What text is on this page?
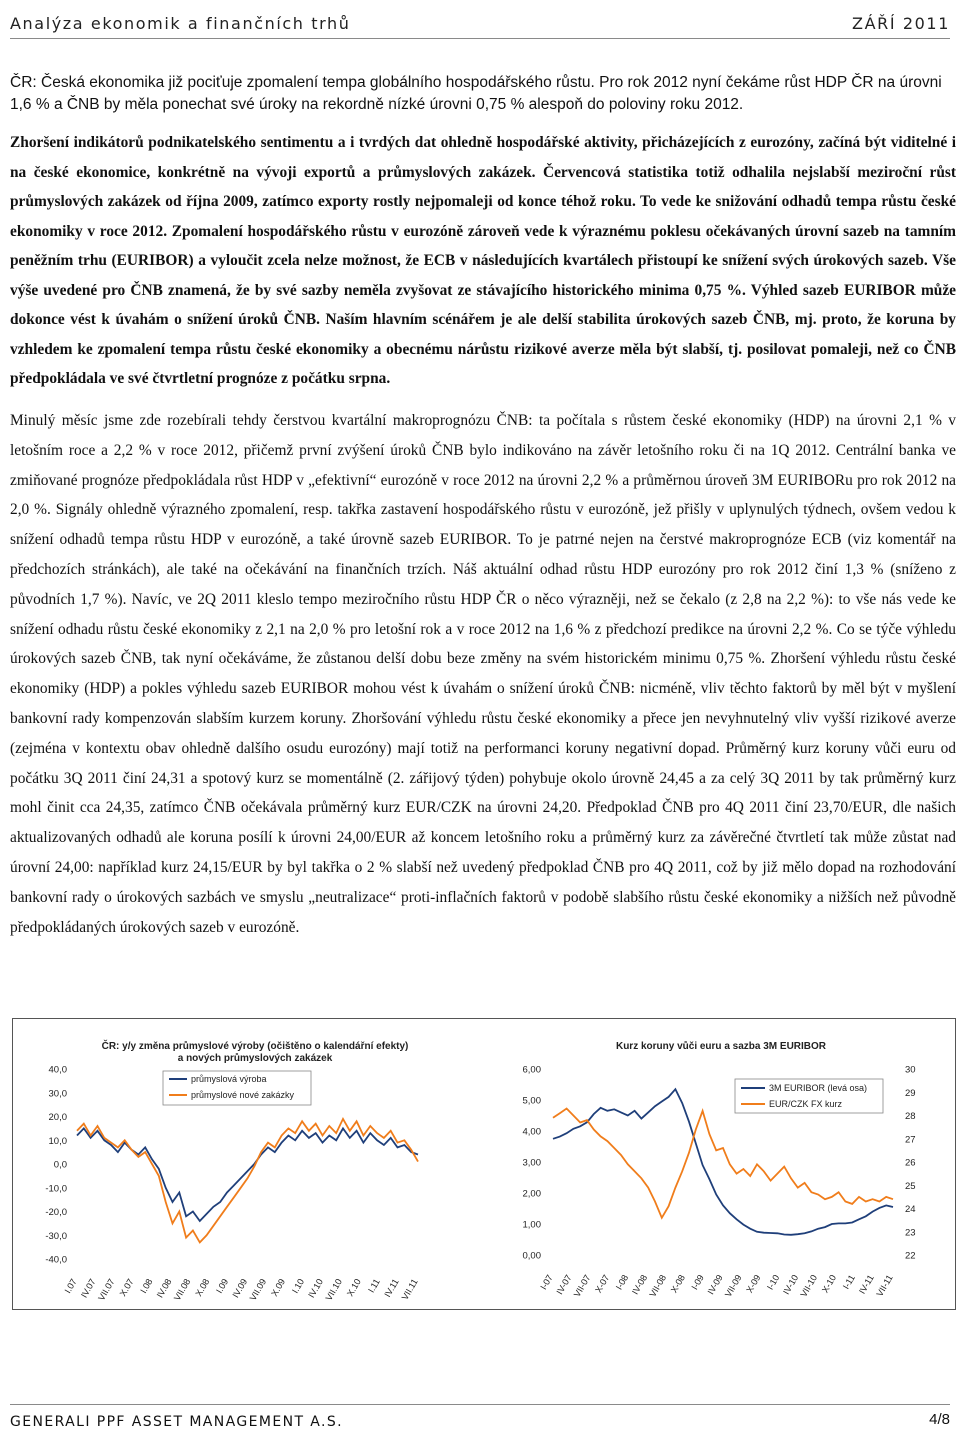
Analýza ekonomik a finančních trhů	ZÁŘÍ 2011
ČR: Česká ekonomika již pociťuje zpomalení tempa globálního hospodářského růstu. Pro rok 2012 nyní čekáme růst HDP ČR na úrovni 1,6 % a ČNB by měla ponechat své úroky na rekordně nízké úrovni 0,75 % alespoň do poloviny roku 2012.
Zhoršení indikátorů podnikatelského sentimentu a i tvrdých dat ohledně hospodářské aktivity, přicházejících z eurozóny, začíná být viditelné i na české ekonomice, konkrétně na vývoji exportů a průmyslových zakázek. Červencová statistika totiž odhalila nejslabší meziroční růst průmyslových zakázek od října 2009, zatímco exporty rostly nejpomaleji od konce téhož roku. To vede ke snižování odhadů tempa růstu české ekonomiky v roce 2012. Zpomalení hospodářského růstu v eurozóně zároveň vede k výraznému poklesu očekávaných úrovní sazeb na tamním peněžním trhu (EURIBOR) a vyloučit zcela nelze možnost, že ECB v následujících kvartálech přistoupí ke snížení svých úrokových sazeb. Vše výše uvedené pro ČNB znamená, že by své sazby neměla zvyšovat ze stávajícího historického minima 0,75 %. Výhled sazeb EURIBOR může dokonce vést k úvahám o snížení úroků ČNB. Naším hlavním scénářem je ale delší stabilita úrokových sazeb ČNB, mj. proto, že koruna by vzhledem ke zpomalení tempa růstu české ekonomiky a obecnému nárůstu rizikové averze měla být slabší, tj. posilovat pomaleji, než co ČNB předpokládala ve své čtvrtletní prognóze z počátku srpna.
Minulý měsíc jsme zde rozebírali tehdy čerstvou kvartální makroprognózu ČNB: ta počítala s růstem české ekonomiky (HDP) na úrovni 2,1 % v letošním roce a 2,2 % v roce 2012, přičemž první zvýšení úroků ČNB bylo indikováno na závěr letošního roku či na 1Q 2012. Centrální banka ve zmiňované prognóze předpokládala růst HDP v „efektivní“ eurozóně v roce 2012 na úrovni 2,2 % a průměrnou úroveň 3M EURIBORu pro rok 2012 na 2,0 %. Signály ohledně výrazného zpomalení, resp. takřka zastavení hospodářského růstu v eurozóně, jež přišly v uplynulých týdnech, ovšem vedou k snížení odhadů tempa růstu HDP v eurozóně, a také úrovně sazeb EURIBOR. To je patrné nejen na čerstvé makroprognóze ECB (viz komentář na předchozích stránkách), ale také na očekávání na finančních trzích. Náš aktuální odhad růstu HDP eurozóny pro rok 2012 činí 1,3 % (sníženo z původních 1,7 %). Navíc, ve 2Q 2011 kleslo tempo meziročního růstu HDP ČR o něco výrazněji, než se čekalo (z 2,8 na 2,2 %): to vše nás vede ke snížení odhadu růstu české ekonomiky z 2,1 na 2,0 % pro letošní rok a v roce 2012 na 1,6 % z předchozí predikce na úrovni 2,2 %. Co se týče výhledu úrokových sazeb ČNB, tak nyní očekáváme, že zůstanou delší dobu beze změny na svém historickém minimu 0,75 %. Zhoršení výhledu růstu české ekonomiky (HDP) a pokles výhledu sazeb EURIBOR mohou vést k úvahám o snížení úroků ČNB: nicméně, vliv těchto faktorů by měl být v myšlení bankovní rady kompenzován slabším kurzem koruny. Zhoršování výhledu růstu české ekonomiky a přece jen nevyhnutelný vliv vyšší rizikové averze (zejména v kontextu obav ohledně dalšího osudu eurozóny) mají totiž na performanci koruny negativní dopad. Průměrný kurz koruny vůči euru od počátku 3Q 2011 činí 24,31 a spotový kurz se momentálně (2. zářijový týden) pohybuje okolo úrovně 24,45 a za celý 3Q 2011 by tak průměrný kurz mohl činit cca 24,35, zatímco ČNB očekávala průměrný kurz EUR/CZK na úrovni 24,20. Předpoklad ČNB pro 4Q 2011 činí 23,70/EUR, dle našich aktualizovaných odhadů ale koruna posílí k úrovni 24,00/EUR až koncem letošního roku a průměrný kurz za závěrečné čtvrtletí tak může zůstat nad úrovní 24,00: například kurz 24,15/EUR by byl takřka o 2 % slabší než uvedený předpoklad ČNB pro 4Q 2011, což by již mělo dopad na rozhodování bankovní rady o úrokových sazbách ve smyslu „neutralizace“ proti-inflačních faktorů v podobě slabšího růstu české ekonomiky a nižších než původně předpokládaných úrokových sazeb v eurozóně.
ČR: y/y změna průmyslové výroby (očištěno o kalendářní efekty) a nových průmyslových zakázek
40,0
30,0
20,0
10,0
0,0
-10,0
-20,0
-30,0
-40,0
I.07 IV.07
VII.07 X.07 I.08 IV.08
VII.08 X.08 I.09 IV.09
VII.09 X.09 I.10 IV.10
VII.10 X.10 I.11 IV.11
VII.11
průmyslová výroba
průmyslové nové zakázky
Kurz koruny vůči euru a sazba 3M EURIBOR
6,00
5,00
4,00
3,00
2,00
1,00
0,00
30
29
28
27
26
25
24
23
22
I-07 IV-07
VII-07 X-07 I-08 IV-08
VII-08 X-08 I-09 IV-09
VII-09 X-09 I-10 IV-10
VII-10 X-10 I-11 IV-11
VII-11
3M EURIBOR (levá osa)
EUR/CZK FX kurz
GENERALI PPF ASSET MANAGEMENT A.S.	4/8
